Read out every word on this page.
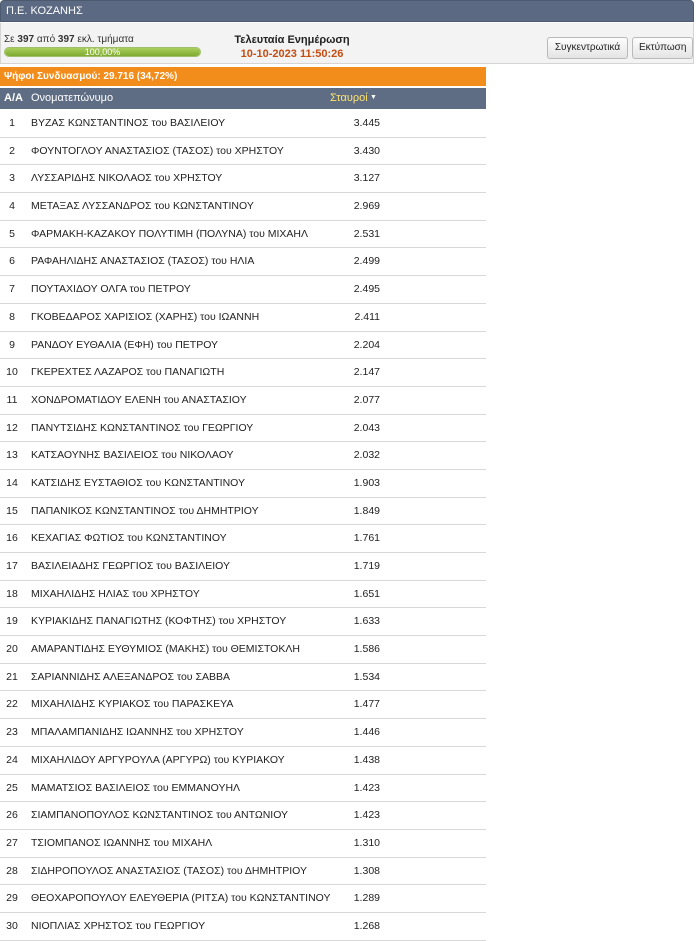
Π.Ε. ΚΟΖΑΝΗΣ
Σε 397 από 397 εκλ. τμήματα
100,00%
Τελευταία Ενημέρωση
10-10-2023 11:50:26
Συγκεντρωτικά	Εκτύπωση
Ψήφοι Συνδυασμού: 29.716 (34,72%)
Α/Α Ονοματεπώνυμο	Σταυροί ▼
1	ΒΥΖΑΣ ΚΩΝΣΤΑΝΤΙΝΟΣ του ΒΑΣΙΛΕΙΟΥ	3.445
2	ΦΟΥΝΤΟΓΛΟΥ ΑΝΑΣΤΑΣΙΟΣ (ΤΑΣΟΣ) του ΧΡΗΣΤΟΥ	3.430
3	ΛΥΣΣΑΡΙΔΗΣ ΝΙΚΟΛΑΟΣ του ΧΡΗΣΤΟΥ	3.127
4	ΜΕΤΑΞΑΣ ΛΥΣΣΑΝΔΡΟΣ του ΚΩΝΣΤΑΝΤΙΝΟΥ	2.969
5	ΦΑΡΜΑΚΗ-ΚΑΖΑΚΟΥ ΠΟΛΥΤΙΜΗ (ΠΟΛΥΝΑ) του ΜΙΧΑΗΛ	2.531
6	ΡΑΦΑΗΛΙΔΗΣ ΑΝΑΣΤΑΣΙΟΣ (ΤΑΣΟΣ) του ΗΛΙΑ	2.499
7	ΠΟΥΤΑΧΙΔΟΥ ΟΛΓΑ του ΠΕΤΡΟΥ	2.495
8	ΓΚΟΒΕΔΑΡΟΣ ΧΑΡΙΣΙΟΣ (ΧΑΡΗΣ) του ΙΩΑΝΝΗ	2.411
9	ΡΑΝΔΟΥ ΕΥΘΑΛΙΑ (ΕΦΗ) του ΠΕΤΡΟΥ	2.204
10 ΓΚΕΡΕΧΤΕΣ ΛΑΖΑΡΟΣ του ΠΑΝΑΓΙΩΤΗ	2.147
11 ΧΟΝΔΡΟΜΑΤΙΔΟΥ ΕΛΕΝΗ του ΑΝΑΣΤΑΣΙΟΥ	2.077
12 ΠΑΝΥΤΣΙΔΗΣ ΚΩΝΣΤΑΝΤΙΝΟΣ του ΓΕΩΡΓΙΟΥ	2.043
13 ΚΑΤΣΑΟΥΝΗΣ ΒΑΣΙΛΕΙΟΣ του ΝΙΚΟΛΑΟΥ	2.032
14 ΚΑΤΣΙΔΗΣ ΕΥΣΤΑΘΙΟΣ του ΚΩΝΣΤΑΝΤΙΝΟΥ	1.903
15 ΠΑΠΑΝΙΚΟΣ ΚΩΝΣΤΑΝΤΙΝΟΣ του ΔΗΜΗΤΡΙΟΥ	1.849
16 ΚΕΧΑΓΙΑΣ ΦΩΤΙΟΣ του ΚΩΝΣΤΑΝΤΙΝΟΥ	1.761
17 ΒΑΣΙΛΕΙΑΔΗΣ ΓΕΩΡΓΙΟΣ του ΒΑΣΙΛΕΙΟΥ	1.719
18 ΜΙΧΑΗΛΙΔΗΣ ΗΛΙΑΣ του ΧΡΗΣΤΟΥ	1.651
19 ΚΥΡΙΑΚΙΔΗΣ ΠΑΝΑΓΙΩΤΗΣ (ΚΟΦΤΗΣ) του ΧΡΗΣΤΟΥ	1.633
20 ΑΜΑΡΑΝΤΙΔΗΣ ΕΥΘΥΜΙΟΣ (ΜΑΚΗΣ) του ΘΕΜΙΣΤΟΚΛΗ	1.586
21 ΣΑΡΙΑΝΝΙΔΗΣ ΑΛΕΞΑΝΔΡΟΣ του ΣΑΒΒΑ	1.534
22 ΜΙΧΑΗΛΙΔΗΣ ΚΥΡΙΑΚΟΣ του ΠΑΡΑΣΚΕΥΑ	1.477
23 ΜΠΑΛΑΜΠΑΝΙΔΗΣ ΙΩΑΝΝΗΣ του ΧΡΗΣΤΟΥ	1.446
24 ΜΙΧΑΗΛΙΔΟΥ ΑΡΓΥΡΟΥΛΑ (ΑΡΓΥΡΩ) του ΚΥΡΙΑΚΟΥ	1.438
25 ΜΑΜΑΤΣΙΟΣ ΒΑΣΙΛΕΙΟΣ του ΕΜΜΑΝΟΥΗΛ	1.423
26 ΣΙΑΜΠΑΝΟΠΟΥΛΟΣ ΚΩΝΣΤΑΝΤΙΝΟΣ του ΑΝΤΩΝΙΟΥ	1.423
27 ΤΣΙΟΜΠΑΝΟΣ ΙΩΑΝΝΗΣ του ΜΙΧΑΗΛ	1.310
28 ΣΙΔΗΡΟΠΟΥΛΟΣ ΑΝΑΣΤΑΣΙΟΣ (ΤΑΣΟΣ) του ΔΗΜΗΤΡΙΟΥ	1.308
29 ΘΕΟΧΑΡΟΠΟΥΛΟΥ ΕΛΕΥΘΕΡΙΑ (ΡΙΤΣΑ) του ΚΩΝΣΤΑΝΤΙΝΟΥ	1.289
30 ΝΙΟΠΛΙΑΣ ΧΡΗΣΤΟΣ του ΓΕΩΡΓΙΟΥ	1.268
